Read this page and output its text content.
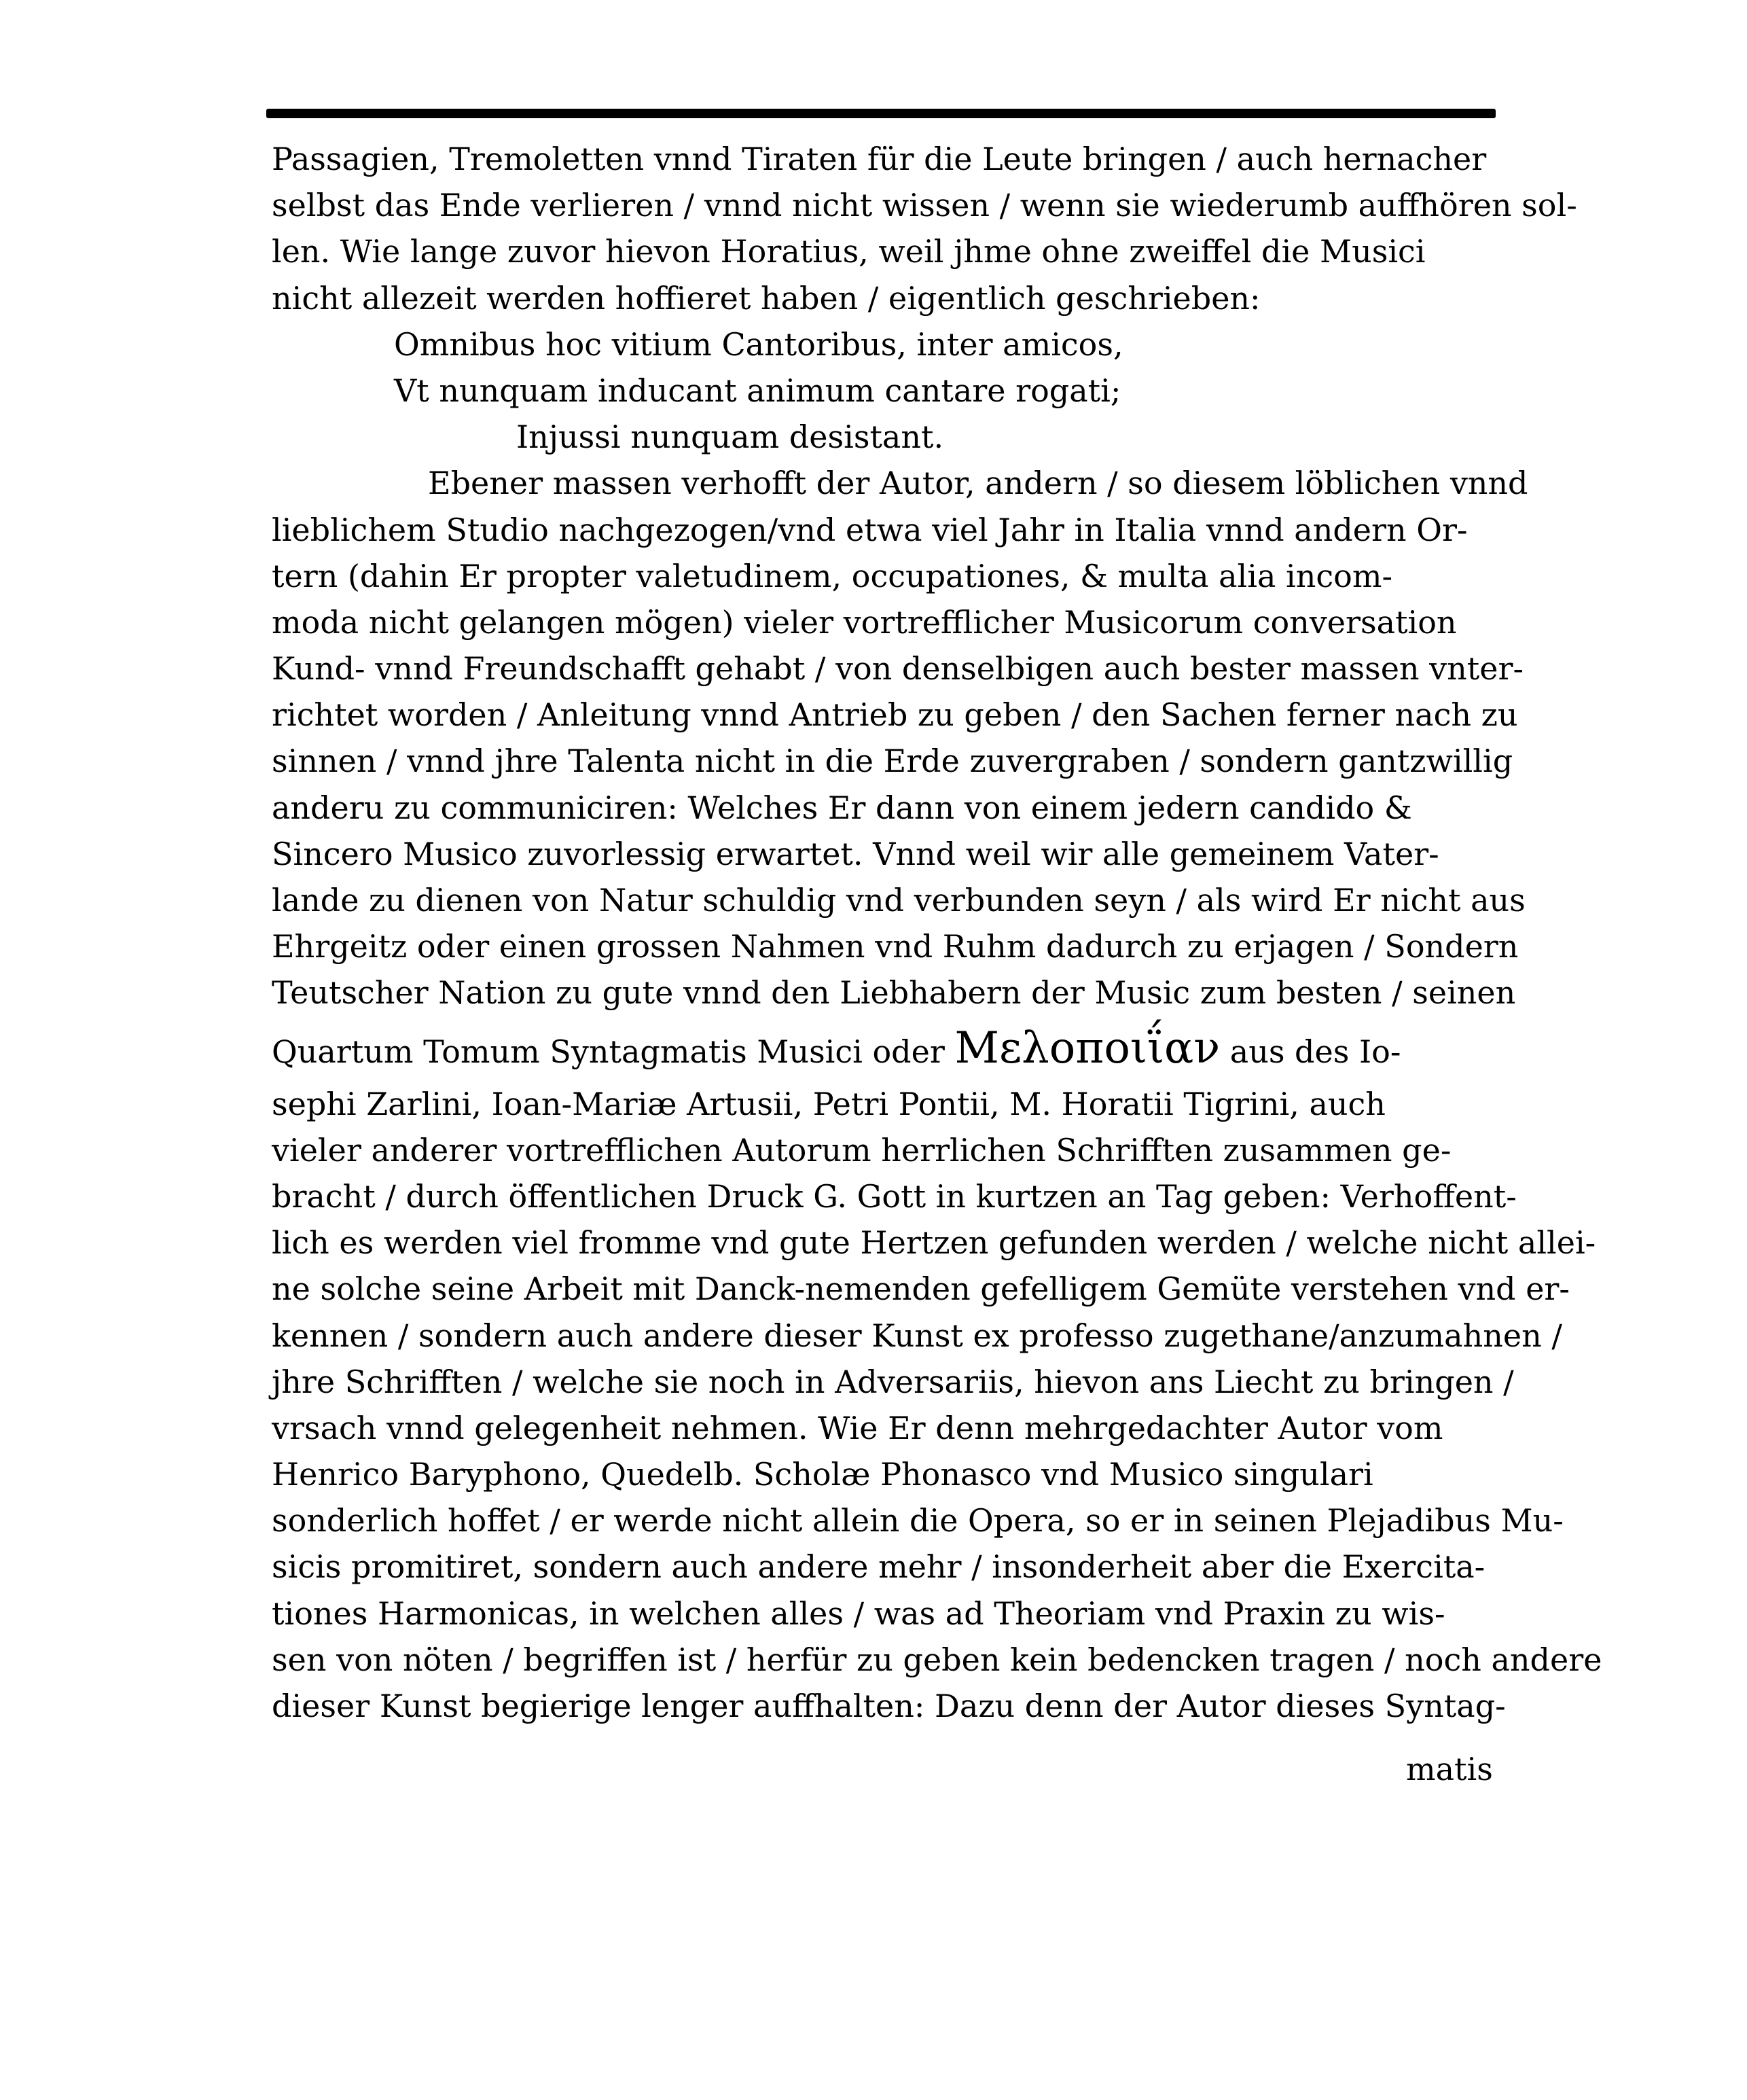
Passagien, Tremoletten vnnd Tiraten für die Leute bringen / auch hernacher
selbst das Ende verlieren / vnnd nicht wissen / wenn sie wiederumb auffhören sol-
len. Wie lange zuvor hievon Horatius, weil jhme ohne zweiffel die Musici
nicht allezeit werden hoffieret haben / eigentlich geschrieben:
Omnibus hoc vitium Cantoribus, inter amicos,
Vt nunquam inducant animum cantare rogati;
Injussi nunquam desistant.
Ebener massen verhofft der Autor, andern / so diesem löblichen vnnd
lieblichem Studio nachgezogen/vnd etwa viel Jahr in Italia vnnd andern Or-
tern (dahin Er propter valetudinem, occupationes, & multa alia incom-
moda nicht gelangen mögen) vieler vortrefflicher Musicorum conversation
Kund- vnnd Freundschafft gehabt / von denselbigen auch bester massen vnter-
richtet worden / Anleitung vnnd Antrieb zu geben / den Sachen ferner nach zu
sinnen / vnnd jhre Talenta nicht in die Erde zuvergraben / sondern gantzwillig
anderu zu communiciren: Welches Er dann von einem jedern candido &
Sincero Musico zuvorlessig erwartet. Vnnd weil wir alle gemeinem Vater-
lande zu dienen von Natur schuldig vnd verbunden seyn / als wird Er nicht aus
Ehrgeitz oder einen grossen Nahmen vnd Ruhm dadurch zu erjagen / Sondern
Teutscher Nation zu gute vnnd den Liebhabern der Music zum besten / seinen
Quartum Tomum Syntagmatis Musici oder Μελοποιΐαν aus des Io-
sephi Zarlini, Ioan-Mariæ Artusii, Petri Pontii, M. Horatii Tigrini, auch
vieler anderer vortrefflichen Autorum herrlichen Schrifften zusammen ge-
bracht / durch öffentlichen Druck G. Gott in kurtzen an Tag geben: Verhoffent-
lich es werden viel fromme vnd gute Hertzen gefunden werden / welche nicht allei-
ne solche seine Arbeit mit Danck-nemenden gefelligem Gemüte verstehen vnd er-
kennen / sondern auch andere dieser Kunst ex professo zugethane/anzumahnen /
jhre Schrifften / welche sie noch in Adversariis, hievon ans Liecht zu bringen /
vrsach vnnd gelegenheit nehmen. Wie Er denn mehrgedachter Autor vom
Henrico Baryphono, Quedelb. Scholæ Phonasco vnd Musico singulari
sonderlich hoffet / er werde nicht allein die Opera, so er in seinen Plejadibus Mu-
sicis promitiret, sondern auch andere mehr / insonderheit aber die Exercita-
tiones Harmonicas, in welchen alles / was ad Theoriam vnd Praxin zu wis-
sen von nöten / begriffen ist / herfür zu geben kein bedencken tragen / noch andere
dieser Kunst begierige lenger auffhalten: Dazu denn der Autor dieses Syntag-
matis
